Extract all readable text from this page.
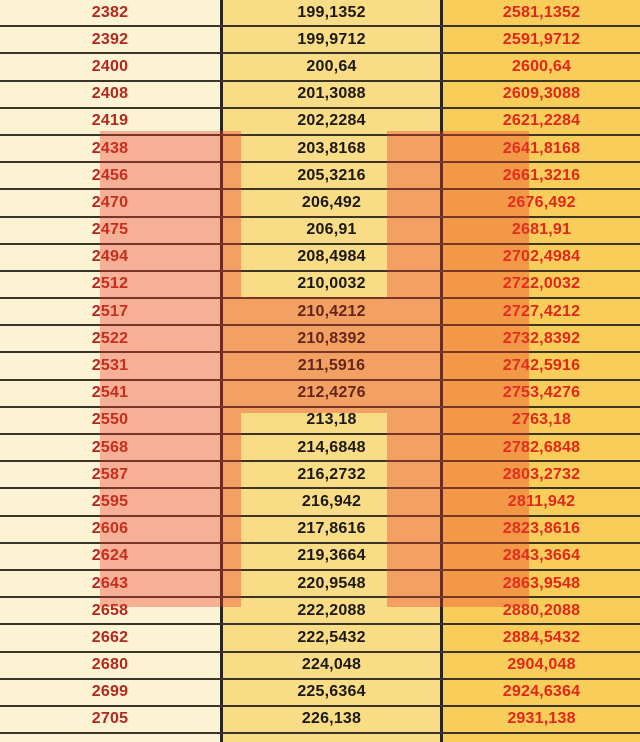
2382	199,1352	2581,1352
2392	199,9712	2591,9712
2400	200,64	2600,64
2408	201,3088	2609,3088
2419	202,2284	2621,2284
2438	203,8168	2641,8168
2456	205,3216	2661,3216
2470	206,492	2676,492
2475	206,91	2681,91
2494	208,4984	2702,4984
2512	210,0032	2722,0032
2517	210,4212	2727,4212
2522	210,8392	2732,8392
2531	211,5916	2742,5916
2541	212,4276	2753,4276
2550	213,18	2763,18
2568	214,6848	2782,6848
2587	216,2732	2803,2732
2595	216,942	2811,942
2606	217,8616	2823,8616
2624	219,3664	2843,3664
2643	220,9548	2863,9548
2658	222,2088	2880,2088
2662	222,5432	2884,5432
2680	224,048	2904,048
2699	225,6364	2924,6364
2705	226,138	2931,138
